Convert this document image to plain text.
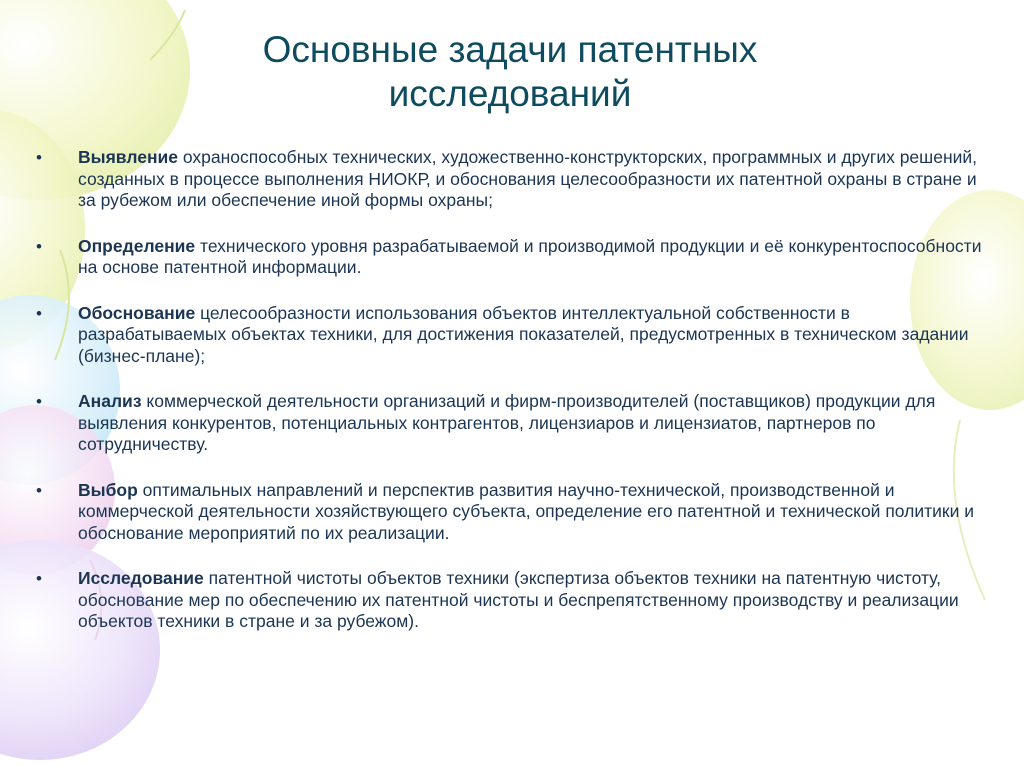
Основные задачи патентных исследований
• Выявление охраноспособных технических, художественно-конструкторских, программных и других решений, созданных в процессе выполнения НИОКР, и обоснования целесообразности их патентной охраны в стране и за рубежом или обеспечение иной формы охраны;
• Определение технического уровня разрабатываемой и производимой продукции и её конкурентоспособности на основе патентной информации.
• Обоснование целесообразности использования объектов интеллектуальной собственности в разрабатываемых объектах техники, для достижения показателей, предусмотренных в техническом задании (бизнес-плане);
• Анализ коммерческой деятельности организаций и фирм-производителей (поставщиков) продукции для выявления конкурентов, потенциальных контрагентов, лицензиаров и лицензиатов, партнеров по сотрудничеству.
• Выбор оптимальных направлений и перспектив развития научно-технической, производственной и коммерческой деятельности хозяйствующего субъекта, определение его патентной и технической политики и обоснование мероприятий по их реализации.
• Исследование патентной чистоты объектов техники (экспертиза объектов техники на патентную чистоту, обоснование мер по обеспечению их патентной чистоты и беспрепятственному производству и реализации объектов техники в стране и за рубежом).
